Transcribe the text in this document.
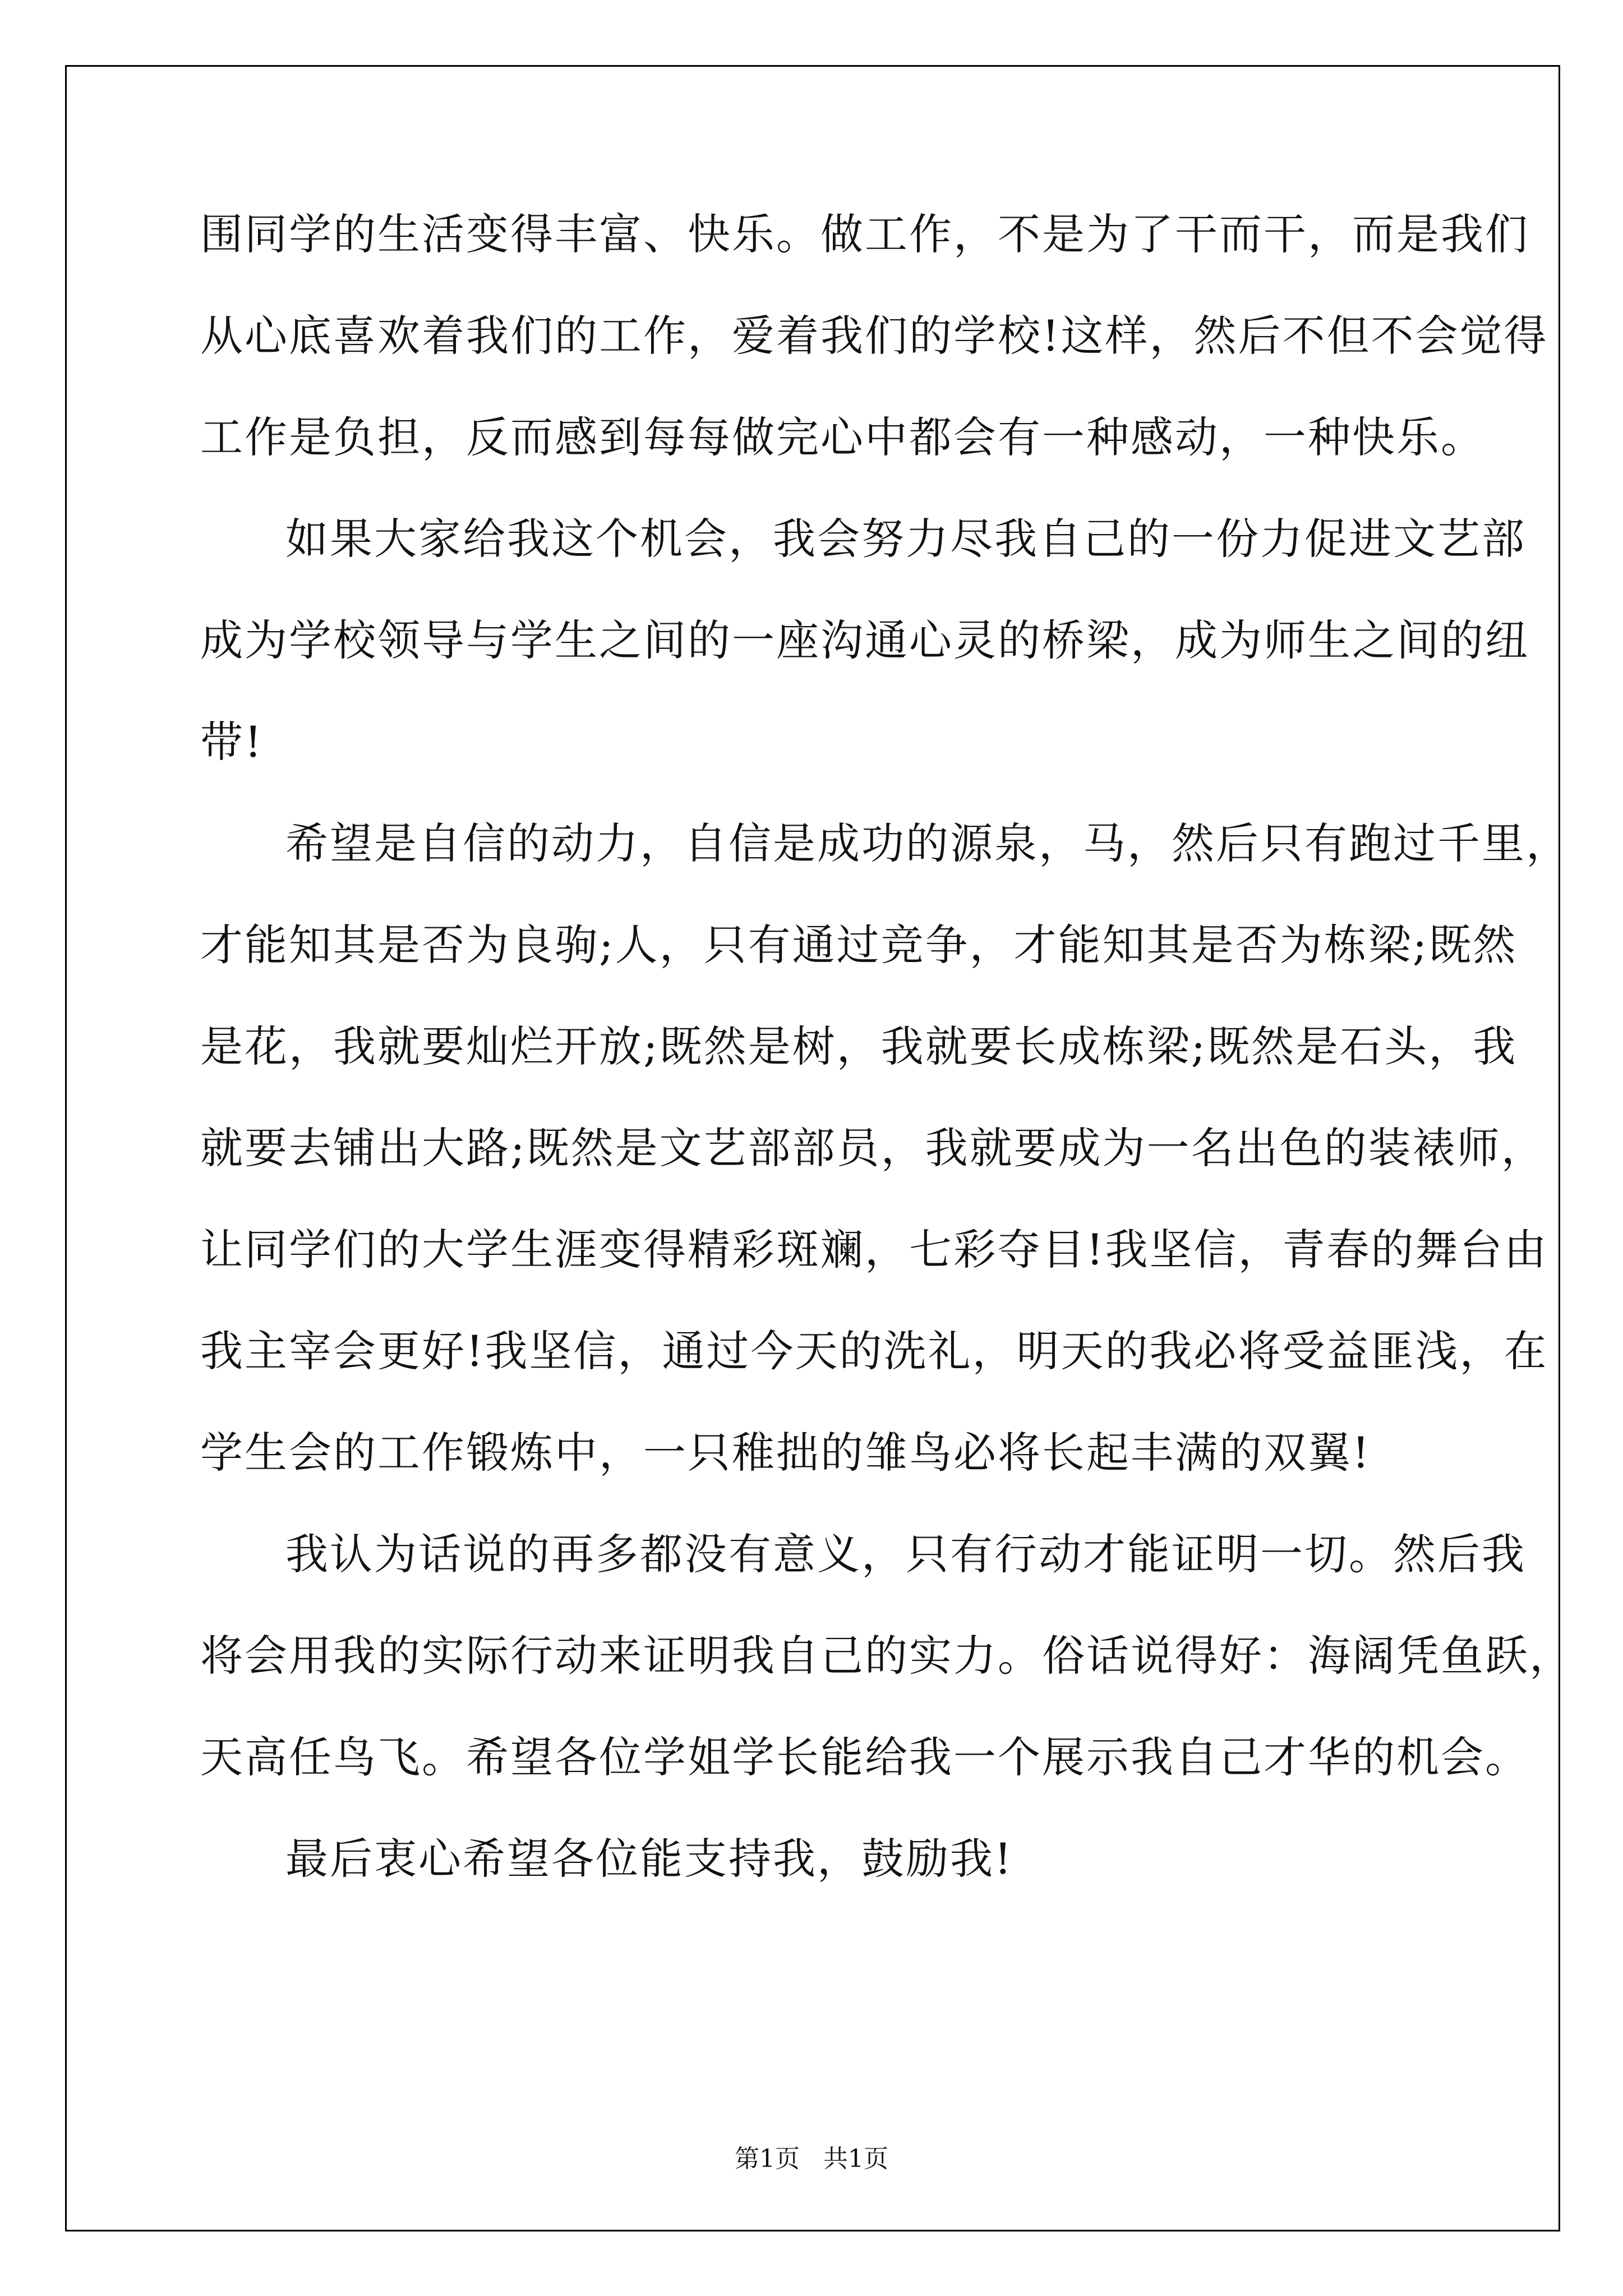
围同学的生活变得丰富、快乐。做工作，不是为了干而干，而是我们
从心底喜欢着我们的工作，爱着我们的学校!这样，然后不但不会觉得
工作是负担，反而感到每每做完心中都会有一种感动，一种快乐。
如果大家给我这个机会，我会努力尽我自己的一份力促进文艺部
成为学校领导与学生之间的一座沟通心灵的桥梁，成为师生之间的纽
带!
希望是自信的动力，自信是成功的源泉，马，然后只有跑过千里，
才能知其是否为良驹;人，只有通过竞争，才能知其是否为栋梁;既然
是花，我就要灿烂开放;既然是树，我就要长成栋梁;既然是石头，我
就要去铺出大路;既然是文艺部部员，我就要成为一名出色的装裱师，
让同学们的大学生涯变得精彩斑斓，七彩夺目!我坚信，青春的舞台由
我主宰会更好!我坚信，通过今天的洗礼，明天的我必将受益匪浅，在
学生会的工作锻炼中，一只稚拙的雏鸟必将长起丰满的双翼!
我认为话说的再多都没有意义，只有行动才能证明一切。然后我
将会用我的实际行动来证明我自己的实力。俗话说得好：海阔凭鱼跃，
天高任鸟飞。希望各位学姐学长能给我一个展示我自己才华的机会。
最后衷心希望各位能支持我，鼓励我!
第1页   共1页
